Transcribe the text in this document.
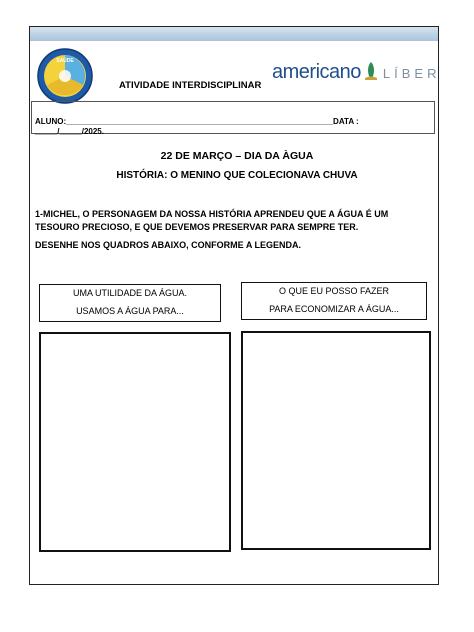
SAÚDE
ATIVIDADE INTERDISCIPLINAR
americano LÍBER
ALUNO:____________________________________________________________DATA :
_____/_____/2025.
22 DE MARÇO – DIA DA ÀGUA
HISTÓRIA: O MENINO QUE COLECIONAVA CHUVA
1-MICHEL, O PERSONAGEM DA NOSSA HISTÓRIA APRENDEU QUE A ÁGUA É UM TESOURO PRECIOSO, E QUE DEVEMOS PRESERVAR PARA SEMPRE TER.
DESENHE NOS QUADROS ABAIXO, CONFORME A LEGENDA.
UMA UTILIDADE DA ÁGUA.
USAMOS A ÁGUA PARA...
O QUE EU POSSO FAZER
PARA ECONOMIZAR A ÁGUA...
